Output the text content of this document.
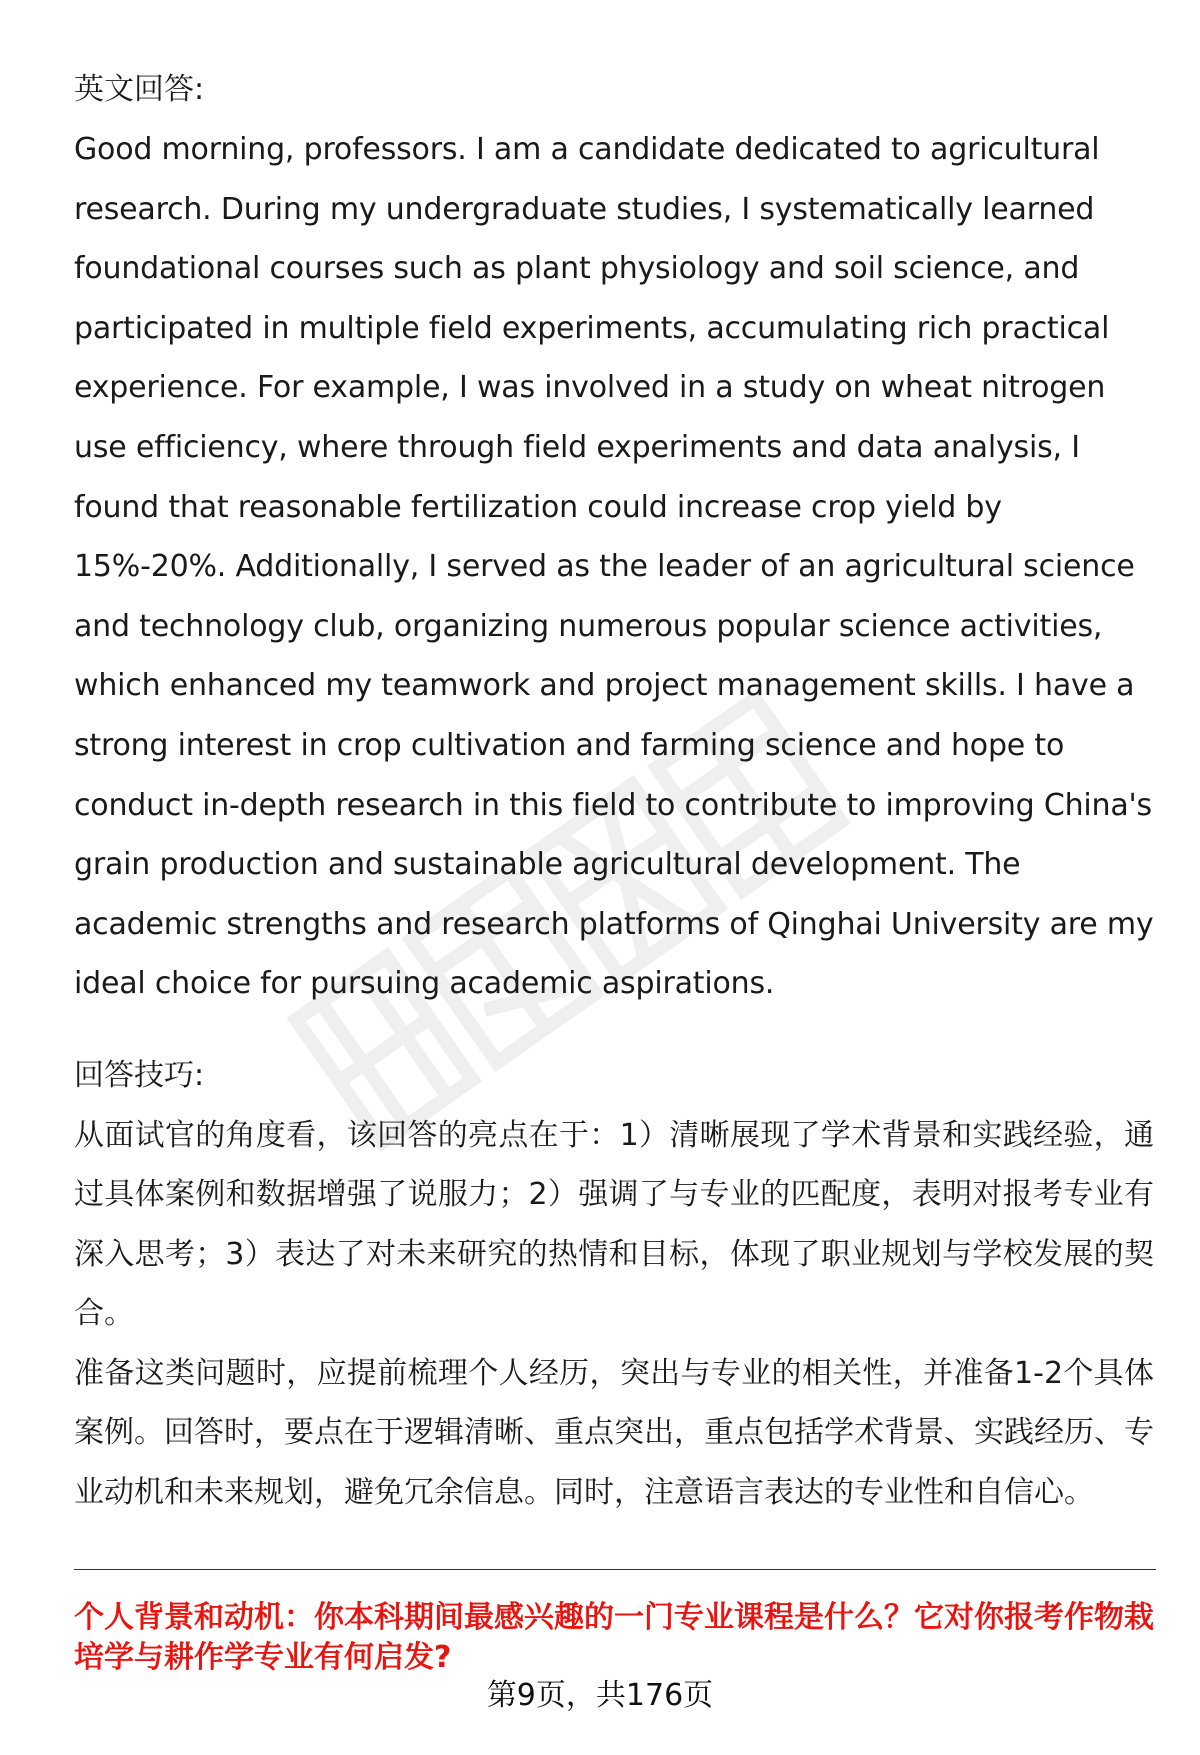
英文回答:

Good morning, professors. I am a candidate dedicated to agricultural research. During my undergraduate studies, I systematically learned foundational courses such as plant physiology and soil science, and participated in multiple field experiments, accumulating rich practical experience. For example, I was involved in a study on wheat nitrogen use efficiency, where through field experiments and data analysis, I found that reasonable fertilization could increase crop yield by 15%-20%. Additionally, I served as the leader of an agricultural science and technology club, organizing numerous popular science activities, which enhanced my teamwork and project management skills. I have a strong interest in crop cultivation and farming science and hope to conduct in-depth research in this field to contribute to improving China's grain production and sustainable agricultural development. The academic strengths and research platforms of Qinghai University are my ideal choice for pursuing academic aspirations.

回答技巧:

从面试官的角度看，该回答的亮点在于：1）清晰展现了学术背景和实践经验，通过具体案例和数据增强了说服力；2）强调了与专业的匹配度，表明对报考专业有深入思考；3）表达了对未来研究的热情和目标，体现了职业规划与学校发展的契合。

准备这类问题时，应提前梳理个人经历，突出与专业的相关性，并准备1-2个具体案例。回答时，要点在于逻辑清晰、重点突出，重点包括学术背景、实践经历、专业动机和未来规划，避免冗余信息。同时，注意语言表达的专业性和自信心。

个人背景和动机：你本科期间最感兴趣的一门专业课程是什么？它对你报考作物栽培学与耕作学专业有何启发?

第9页，共176页
